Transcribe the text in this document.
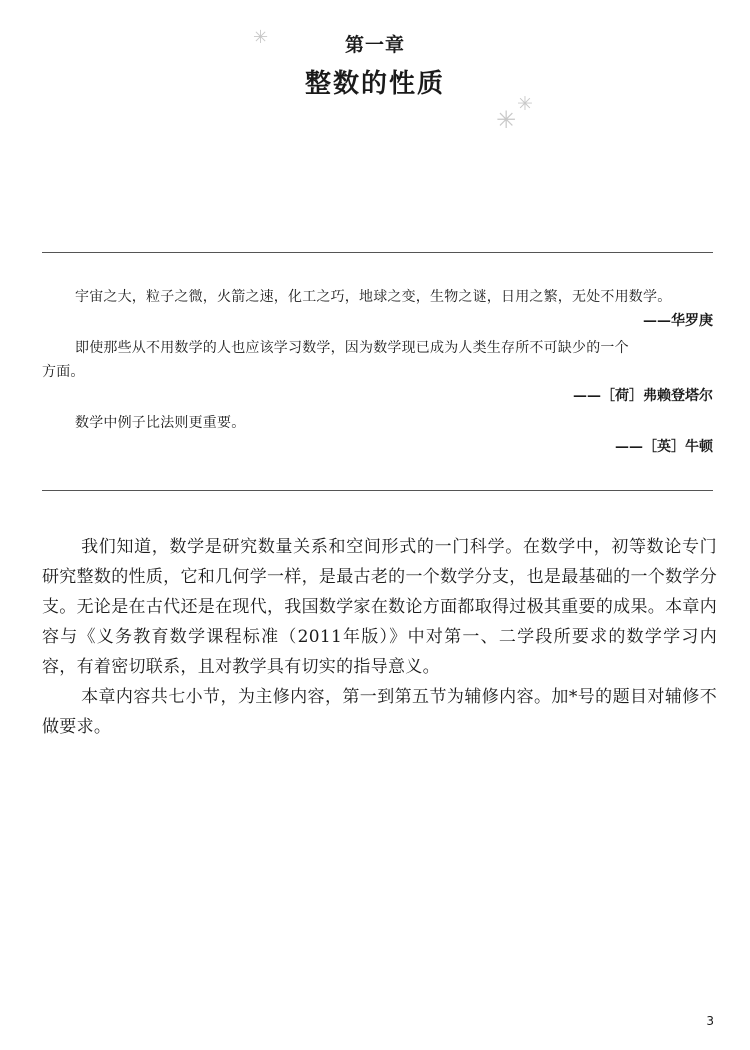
✳
✳
✳
第一章
整数的性质

宇宙之大，粒子之微，火箭之速，化工之巧，地球之变，生物之谜，日用之繁，无处不用数学。

——华罗庚

即使那些从不用数学的人也应该学习数学，因为数学现已成为人类生存所不可缺少的一个

方面。

——［荷］弗赖登塔尔

数学中例子比法则更重要。

——［英］牛顿

我们知道，数学是研究数量关系和空间形式的一门科学。在数学中，初等数论专门研究整数的性质，它和几何学一样，是最古老的一个数学分支，也是最基础的一个数学分支。无论是在古代还是在现代，我国数学家在数论方面都取得过极其重要的成果。本章内容与《义务教育数学课程标准（2011年版）》中对第一、二学段所要求的数学学习内容，有着密切联系，且对教学具有切实的指导意义。

本章内容共七小节，为主修内容，第一到第五节为辅修内容。加*号的题目对辅修不做要求。

3
